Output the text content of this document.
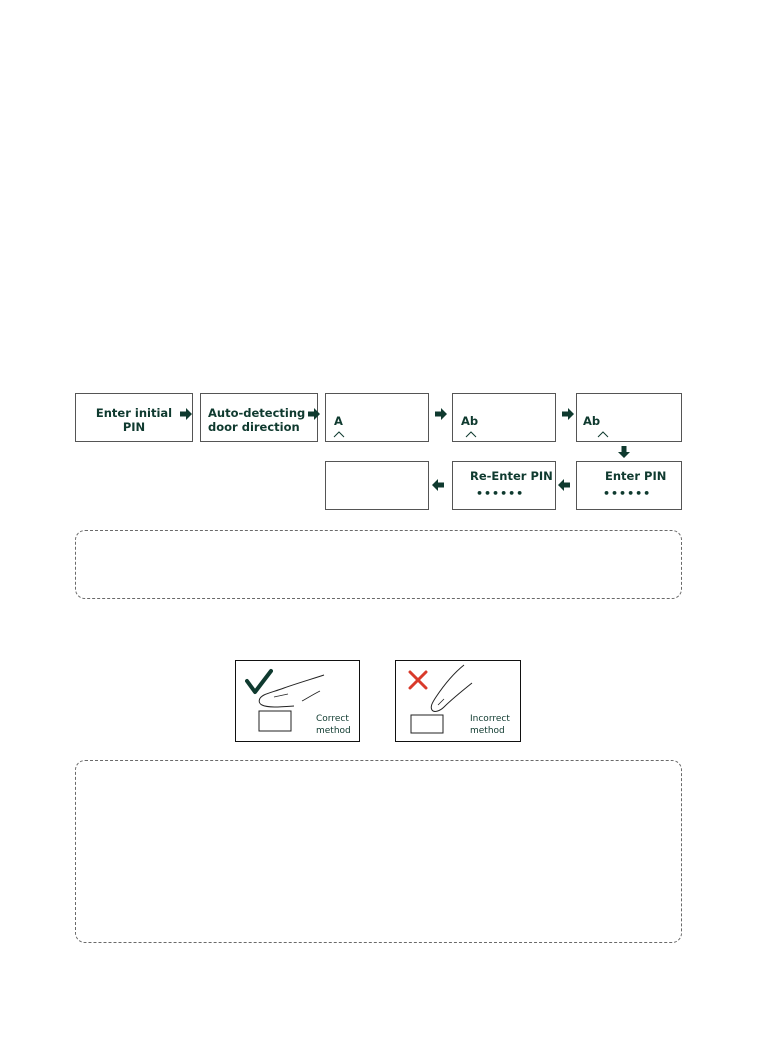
Enter initial
PIN
Auto-detecting
door direction	A	Ab	Ab
Re-Enter PIN
••••••
Enter PIN
••••••
Correct
method
Incorrect
method
